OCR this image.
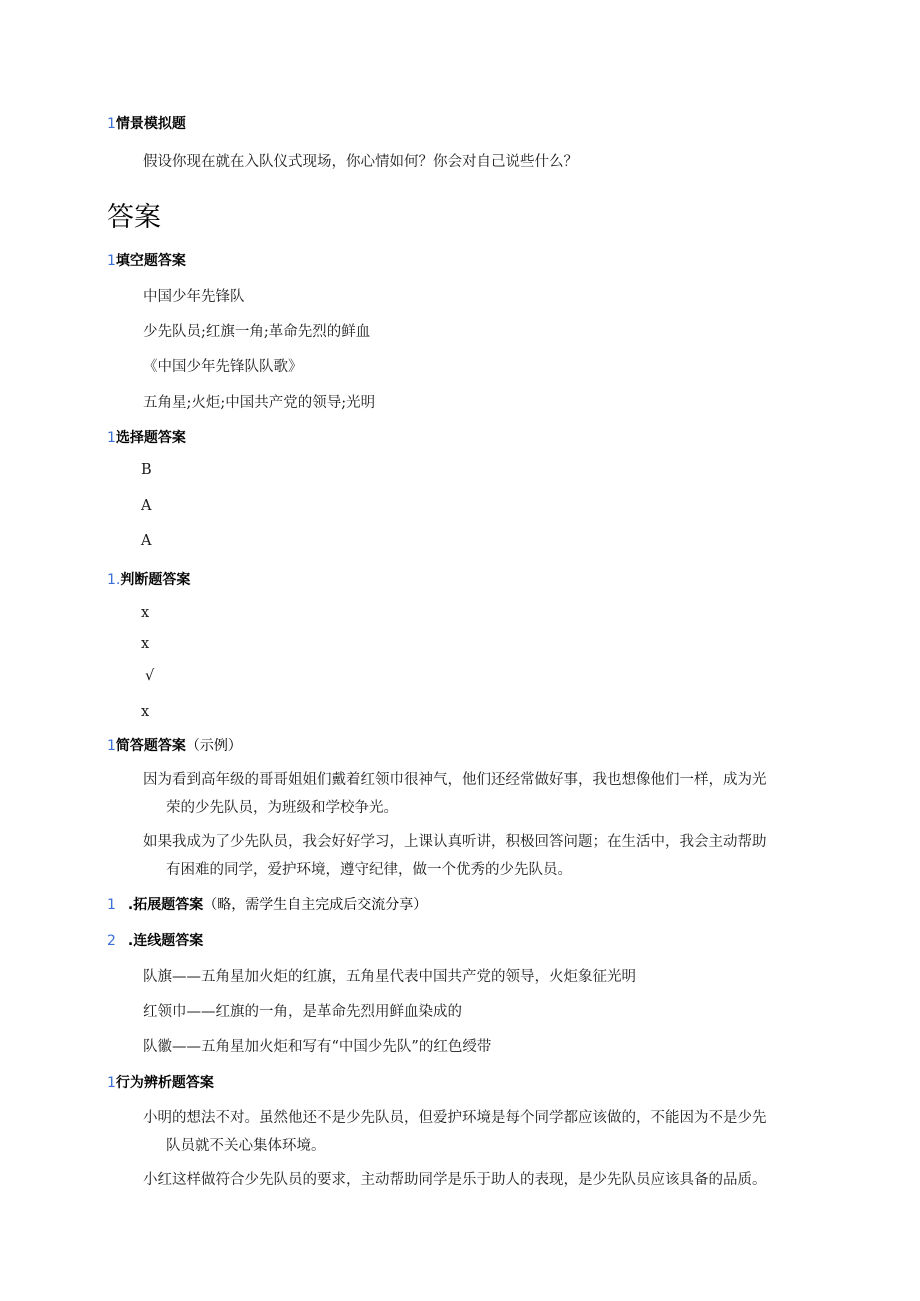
1情景模拟题
假设你现在就在入队仪式现场，你心情如何？你会对自己说些什么？
答案
1填空题答案
中国少年先锋队
少先队员;红旗一角;革命先烈的鲜血
《中国少年先锋队队歌》
五角星;火炬;中国共产党的领导;光明
1选择题答案
B
A
A
1.判断题答案
x
x
√
x
1简答题答案（示例）
因为看到高年级的哥哥姐姐们戴着红领巾很神气，他们还经常做好事，我也想像他们一样，成为光
荣的少先队员，为班级和学校争光。
如果我成为了少先队员，我会好好学习，上课认真听讲，积极回答问题；在生活中，我会主动帮助
有困难的同学，爱护环境，遵守纪律，做一个优秀的少先队员。
1 .拓展题答案（略，需学生自主完成后交流分享）
2 .连线题答案
队旗——五角星加火炬的红旗，五角星代表中国共产党的领导，火炬象征光明
红领巾——红旗的一角，是革命先烈用鲜血染成的
队徽——五角星加火炬和写有“中国少先队”的红色绶带
1行为辨析题答案
小明的想法不对。虽然他还不是少先队员，但爱护环境是每个同学都应该做的，不能因为不是少先
队员就不关心集体环境。
小红这样做符合少先队员的要求，主动帮助同学是乐于助人的表现，是少先队员应该具备的品质。
